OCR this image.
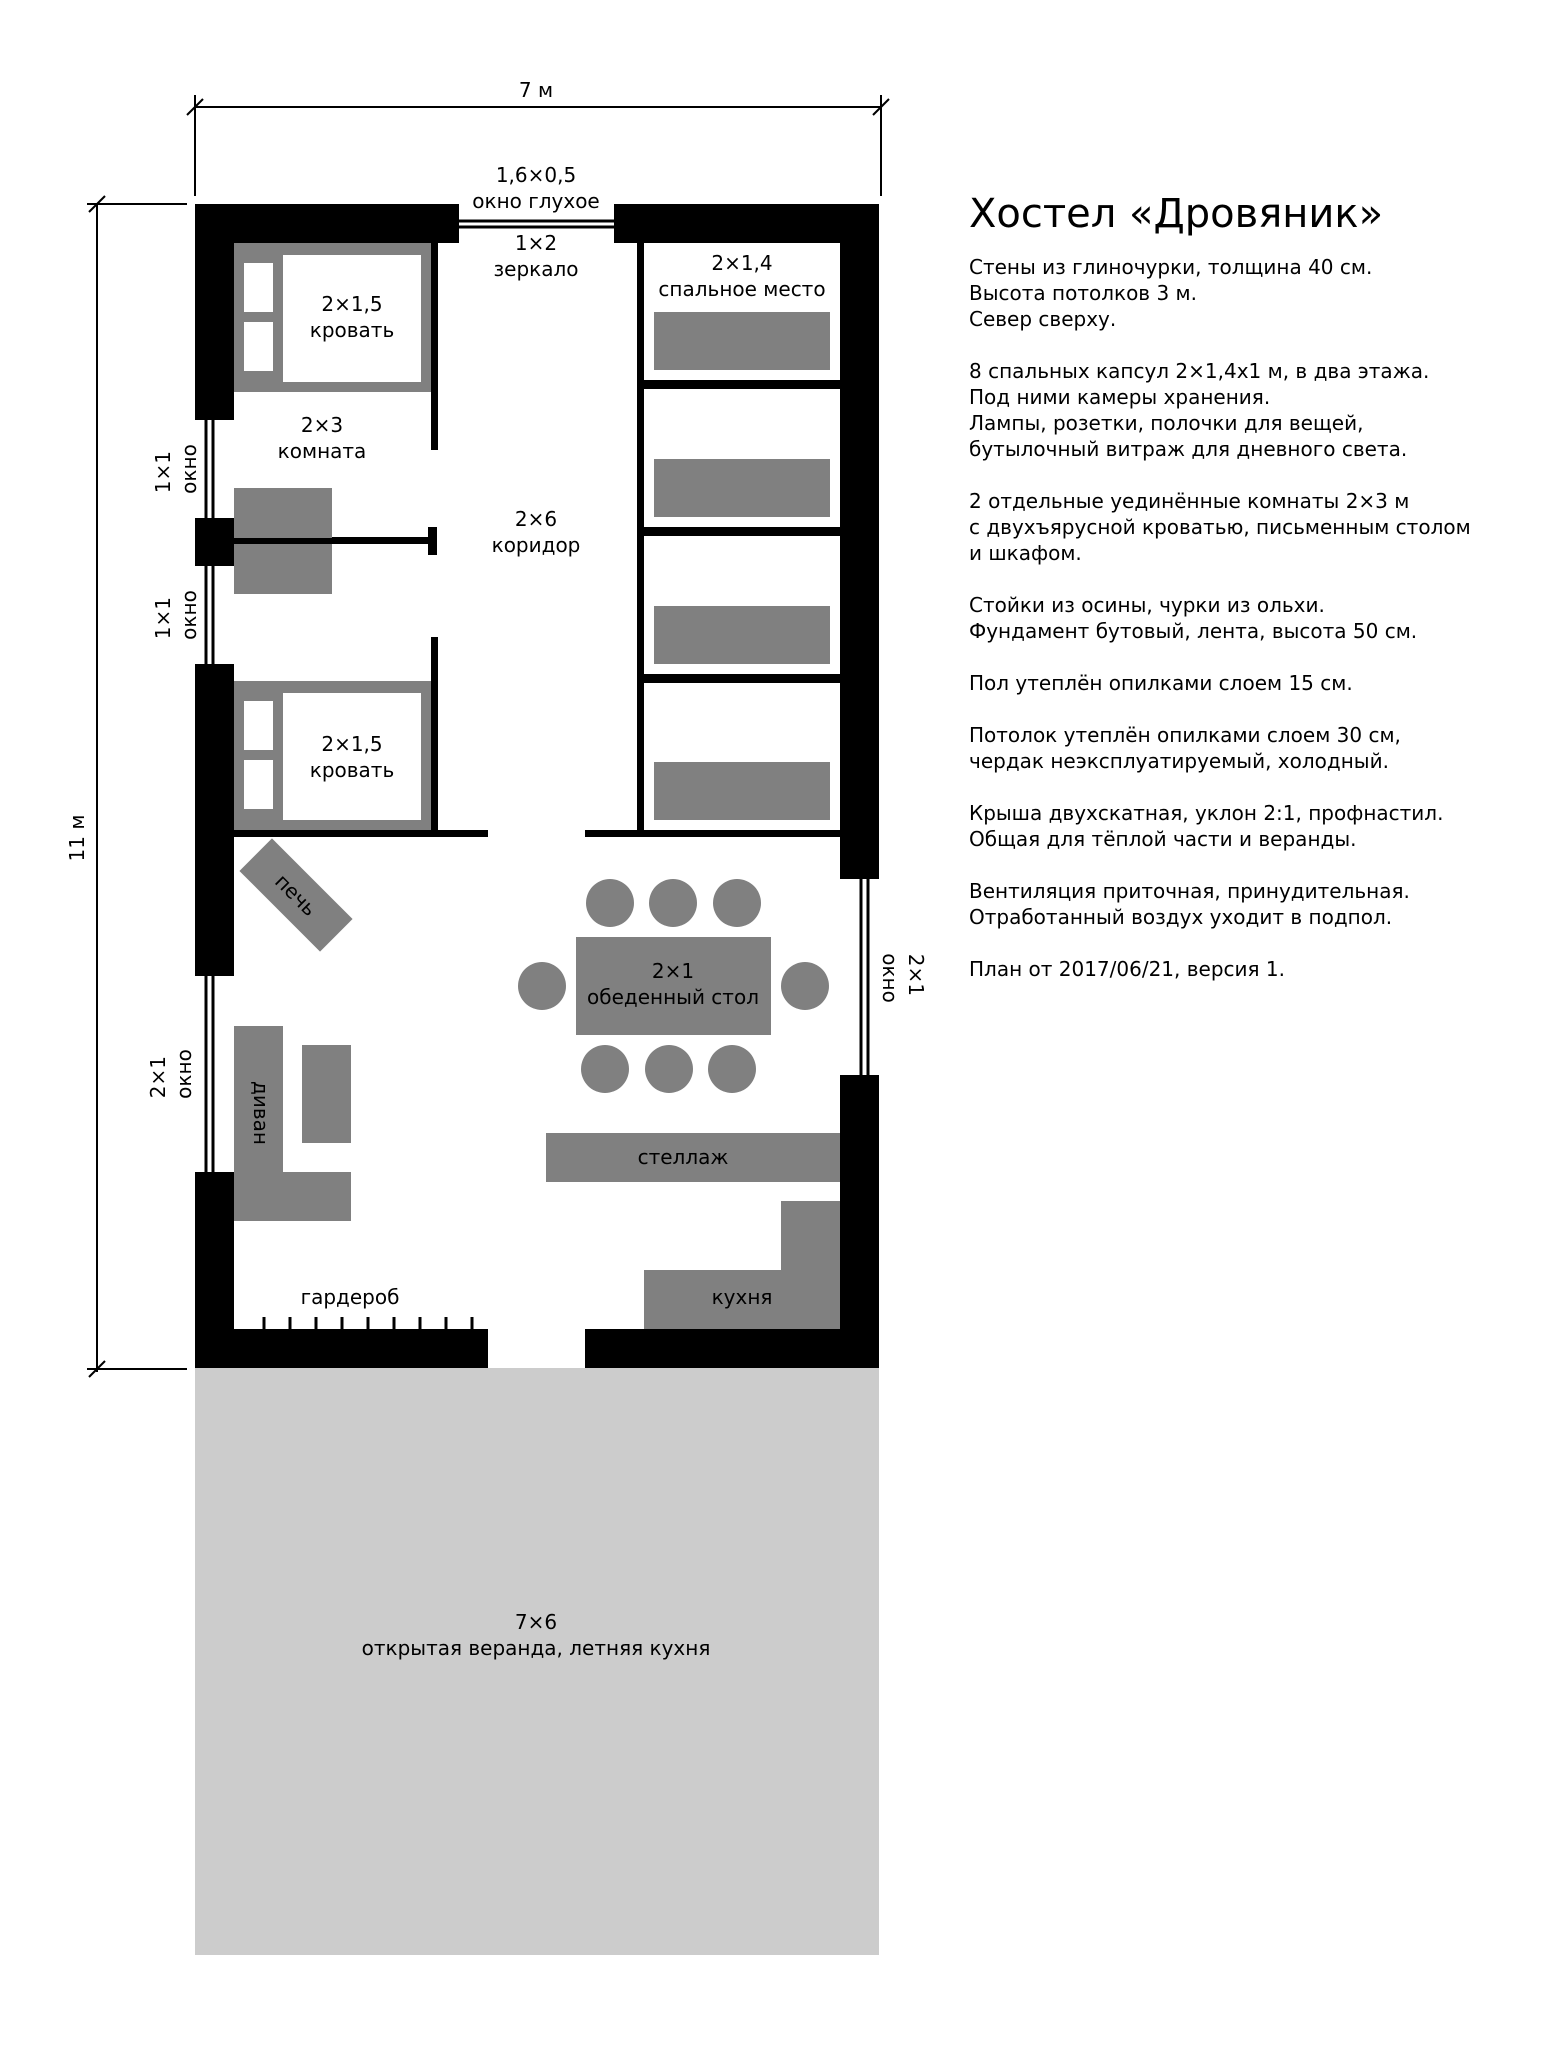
7 м
11 м
2×1,4
спальное место
1,6×0,5
окно глухое
1×2
зеркало
2×1,5
кровать
2×3
комната
2×6
коридор
2×1,5
кровать
1×1 окно
1×1 окно
2×1 окно
2×1 окно
печь
2×1
обеденный стол
диван
стеллаж
кухня
гардероб
7×6
открытая веранда, летняя кухня
Хостел «Дровяник»

Стены из глиночурки, толщина 40 см.
Высота потолков 3 м.
Север сверху.

8 спальных капсул 2×1,4х1 м, в два этажа.
Под ними камеры хранения.
Лампы, розетки, полочки для вещей,
бутылочный витраж для дневного света.

2 отдельные уединённые комнаты 2×3 м
с двухъярусной кроватью, письменным столом
и шкафом.

Стойки из осины, чурки из ольхи.
Фундамент бутовый, лента, высота 50 см.

Пол утеплён опилками слоем 15 см.

Потолок утеплён опилками слоем 30 см,
чердак неэксплуатируемый, холодный.

Крыша двухскатная, уклон 2:1, профнастил.
Общая для тёплой части и веранды.

Вентиляция приточная, принудительная.
Отработанный воздух уходит в подпол.

План от 2017/06/21, версия 1.
